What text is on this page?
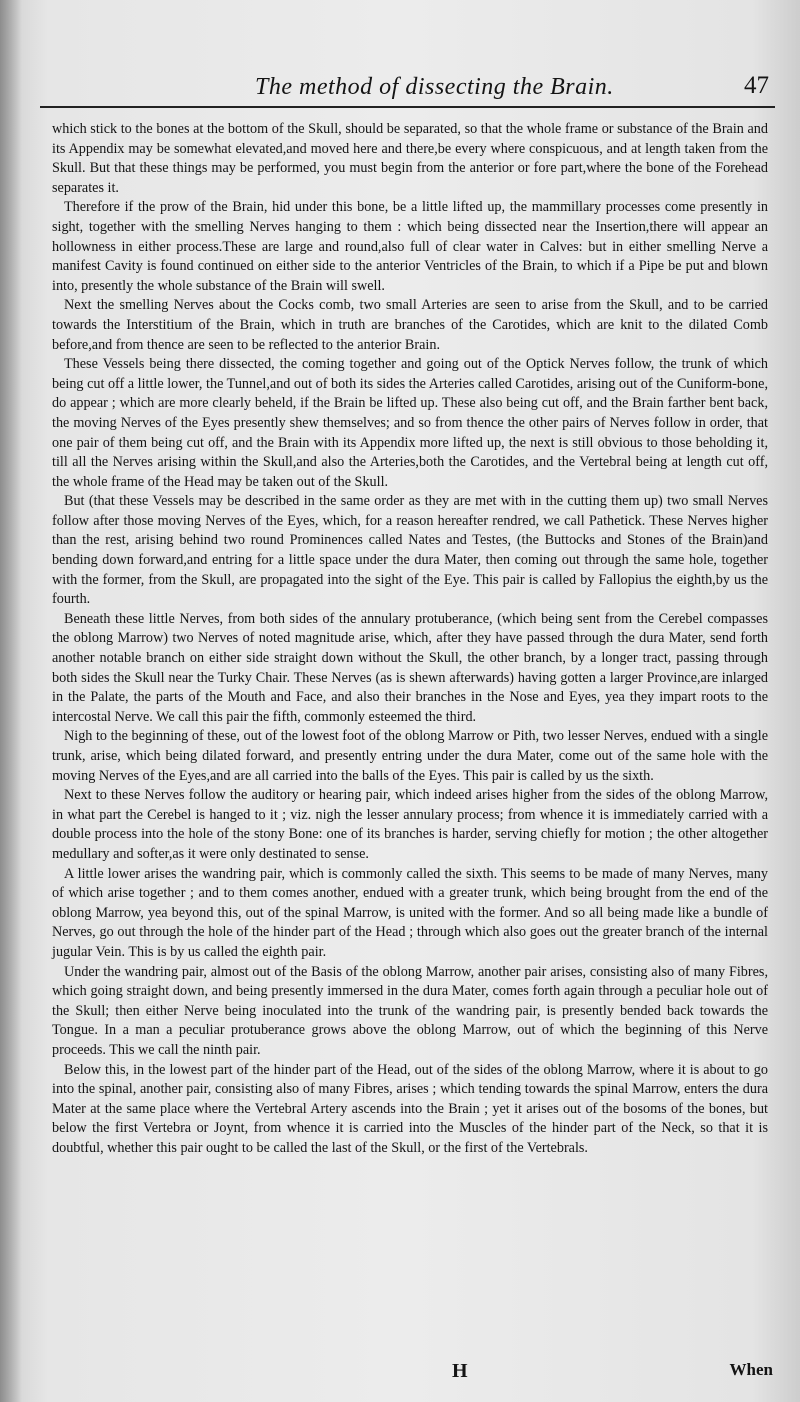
The method of dissecting the Brain.	47

which stick to the bones at the bottom of the Skull, should be separated, so that the whole frame or substance of the Brain and its Appendix may be somewhat elevated,and moved here and there,be every where conspicuous, and at length taken from the Skull. But that these things may be performed, you must begin from the anterior or fore part,where the bone of the Forehead separates it.

Therefore if the prow of the Brain, hid under this bone, be a little lifted up, the mammillary processes come presently in sight, together with the smelling Nerves hanging to them : which being dissected near the Insertion,there will appear an hollowness in either process.These are large and round,also full of clear water in Calves: but in either smelling Nerve a manifest Cavity is found continued on either side to the anterior Ventricles of the Brain, to which if a Pipe be put and blown into, presently the whole substance of the Brain will swell.

Next the smelling Nerves about the Cocks comb, two small Arteries are seen to arise from the Skull, and to be carried towards the Interstitium of the Brain, which in truth are branches of the Carotides, which are knit to the dilated Comb before,and from thence are seen to be reflected to the anterior Brain.

These Vessels being there dissected, the coming together and going out of the Optick Nerves follow, the trunk of which being cut off a little lower, the Tunnel,and out of both its sides the Arteries called Carotides, arising out of the Cuniform-bone, do appear ; which are more clearly beheld, if the Brain be lifted up. These also being cut off, and the Brain farther bent back, the moving Nerves of the Eyes presently shew themselves; and so from thence the other pairs of Nerves follow in order, that one pair of them being cut off, and the Brain with its Appendix more lifted up, the next is still obvious to those beholding it, till all the Nerves arising within the Skull,and also the Arteries,both the Carotides, and the Vertebral being at length cut off, the whole frame of the Head may be taken out of the Skull.

But (that these Vessels may be described in the same order as they are met with in the cutting them up) two small Nerves follow after those moving Nerves of the Eyes, which, for a reason hereafter rendred, we call Pathetick. These Nerves higher than the rest, arising behind two round Prominences called Nates and Testes, (the Buttocks and Stones of the Brain)and bending down forward,and entring for a little space under the dura Mater, then coming out through the same hole, together with the former, from the Skull, are propagated into the sight of the Eye. This pair is called by Fallopius the eighth,by us the fourth.

Beneath these little Nerves, from both sides of the annulary protuberance, (which being sent from the Cerebel compasses the oblong Marrow) two Nerves of noted magnitude arise, which, after they have passed through the dura Mater, send forth another notable branch on either side straight down without the Skull, the other branch, by a longer tract, passing through both sides the Skull near the Turky Chair. These Nerves (as is shewn afterwards) having gotten a larger Province,are inlarged in the Palate, the parts of the Mouth and Face, and also their branches in the Nose and Eyes, yea they impart roots to the intercostal Nerve. We call this pair the fifth, commonly esteemed the third.

Nigh to the beginning of these, out of the lowest foot of the oblong Marrow or Pith, two lesser Nerves, endued with a single trunk, arise, which being dilated forward, and presently entring under the dura Mater, come out of the same hole with the moving Nerves of the Eyes,and are all carried into the balls of the Eyes. This pair is called by us the sixth.

Next to these Nerves follow the auditory or hearing pair, which indeed arises higher from the sides of the oblong Marrow, in what part the Cerebel is hanged to it ; viz. nigh the lesser annulary process; from whence it is immediately carried with a double process into the hole of the stony Bone: one of its branches is harder, serving chiefly for motion ; the other altogether medullary and softer,as it were only destinated to sense.

A little lower arises the wandring pair, which is commonly called the sixth. This seems to be made of many Nerves, many of which arise together ; and to them comes another, endued with a greater trunk, which being brought from the end of the oblong Marrow, yea beyond this, out of the spinal Marrow, is united with the former. And so all being made like a bundle of Nerves, go out through the hole of the hinder part of the Head ; through which also goes out the greater branch of the internal jugular Vein. This is by us called the eighth pair.

Under the wandring pair, almost out of the Basis of the oblong Marrow, another pair arises, consisting also of many Fibres, which going straight down, and being presently immersed in the dura Mater, comes forth again through a peculiar hole out of the Skull; then either Nerve being inoculated into the trunk of the wandring pair, is presently bended back towards the Tongue. In a man a peculiar protuberance grows above the oblong Marrow, out of which the beginning of this Nerve proceeds. This we call the ninth pair.

Below this, in the lowest part of the hinder part of the Head, out of the sides of the oblong Marrow, where it is about to go into the spinal, another pair, consisting also of many Fibres, arises ; which tending towards the spinal Marrow, enters the dura Mater at the same place where the Vertebral Artery ascends into the Brain ; yet it arises out of the bosoms of the bones, but below the first Vertebra or Joynt, from whence it is carried into the Muscles of the hinder part of the Neck, so that it is doubtful, whether this pair ought to be called the last of the Skull, or the first of the Vertebrals.

H	When
